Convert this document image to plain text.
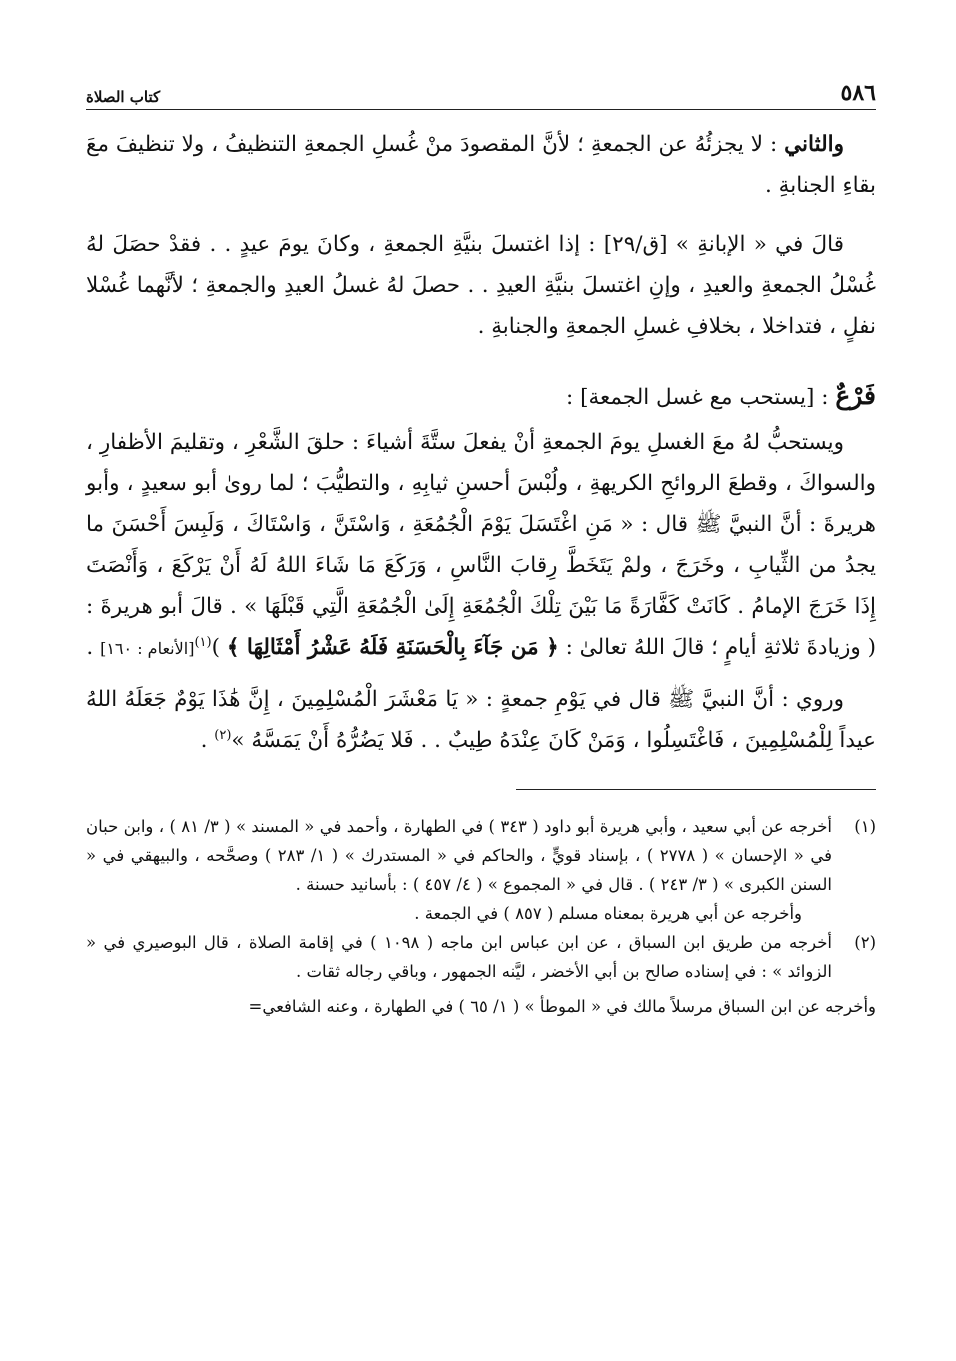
٥٨٦
كتاب الصلاة

والثاني : لا يجزئُهُ عن الجمعةِ ؛ لأنَّ المقصودَ منْ غُسلِ الجمعةِ التنظيفُ ، ولا تنظيفَ معَ بقاءِ الجنابةِ .

قالَ في « الإبانةِ » [ق/٢٩] : إذا اغتسلَ بنيَّةِ الجمعةِ ، وكانَ يومَ عيدٍ . . فقدْ حصَلَ لهُ غُسْلُ الجمعةِ والعيدِ ، وإنِ اغتسلَ بنيَّةِ العيدِ . . حصلَ لهُ غسلُ العيدِ والجمعةِ ؛ لأنَّهما غُسْلا نفلٍ ، فتداخلا ، بخلافِ غسلِ الجمعةِ والجنابةِ .

فَرْعٌ : [يستحب مع غسل الجمعة] :

ويستحبُّ لهُ معَ الغسلِ يومَ الجمعةِ أنْ يفعلَ ستَّةَ أشياءَ : حلقَ الشَّعْرِ ، وتقليمَ الأظفارِ ، والسواكَ ، وقطعَ الروائحِ الكريهةِ ، ولُبْسَ أحسنِ ثيابِهِ ، والتطيُّبَ ؛ لما روىٰ أبو سعيدٍ ، وأبو هريرةَ : أنَّ النبيَّ ﷺ قال : « مَنِ اغْتَسَلَ يَوْمَ الْجُمُعَةِ ، وَاسْتَنَّ ، وَاسْتَاكَ ، وَلَبِسَ أَحْسَنَ ما يجدُ من الثِّيابِ ، وخَرَجَ ، ولمْ يَتَخَطَّ رِقابَ النَّاسِ ، وَرَكَعَ مَا شَاءَ اللهُ لَهُ أَنْ يَرْكَعَ ، وَأَنْصَتَ إِذَا خَرَجَ الإمامُ . كَانَتْ كَفَّارَةً مَا بَيْنَ تِلْكَ الْجُمُعَةِ إِلَىٰ الْجُمُعَةِ الَّتِي قَبْلَهَا » . قالَ أبو هريرةَ : ( وزيادةَ ثلاثةِ أيامٍ ؛ قالَ اللهُ تعالىٰ : ﴿ مَن جَآءَ بِالْحَسَنَةِ فَلَهُ عَشْرُ أَمْثَالِهَا ﴾ )$^{(١)}$[الأنعام : ١٦٠] .

وروي : أنَّ النبيَّ ﷺ قال في يَوْمِ جمعةٍ : « يَا مَعْشَرَ الْمُسْلِمِينَ ، إِنَّ هَٰذَا يَوْمٌ جَعَلَهُ اللهُ عيداً لِلْمُسْلِمِينَ ، فَاغْتَسِلُوا ، وَمَنْ كَانَ عِنْدَهُ طِيبٌ . . فَلا يَضُرُّهُ أَنْ يَمَسَّهُ »$^{(٢)}$ .

(١)

أخرجه عن أبي سعيد ، وأبي هريرة أبو داود ( ٣٤٣ ) في الطهارة ، وأحمد في « المسند » ( ٣/ ٨١ ) ، وابن حبان في « الإحسان » ( ٢٧٧٨ ) ، بإسناد قويٍّ ، والحاكم في « المستدرك » ( ١/ ٢٨٣ ) وصحَّحه ، والبيهقي في « السنن الكبرى » ( ٣/ ٢٤٣ ) . قال في « المجموع » ( ٤/ ٤٥٧ ) : بأسانيد حسنة .

وأخرجه عن أبي هريرة بمعناه مسلم ( ٨٥٧ ) في الجمعة .

(٢)

أخرجه من طريق ابن السباق ، عن ابن عباس ابن ماجه ( ١٠٩٨ ) في إقامة الصلاة ، قال البوصيري في « الزوائد » : في إسناده صالح بن أبي الأخضر ، ليَّنه الجمهور ، وباقي رجاله ثقات .

وأخرجه عن ابن السباق مرسلاً مالك في « الموطأ » ( ١/ ٦٥ ) في الطهارة ، وعنه الشافعي=
